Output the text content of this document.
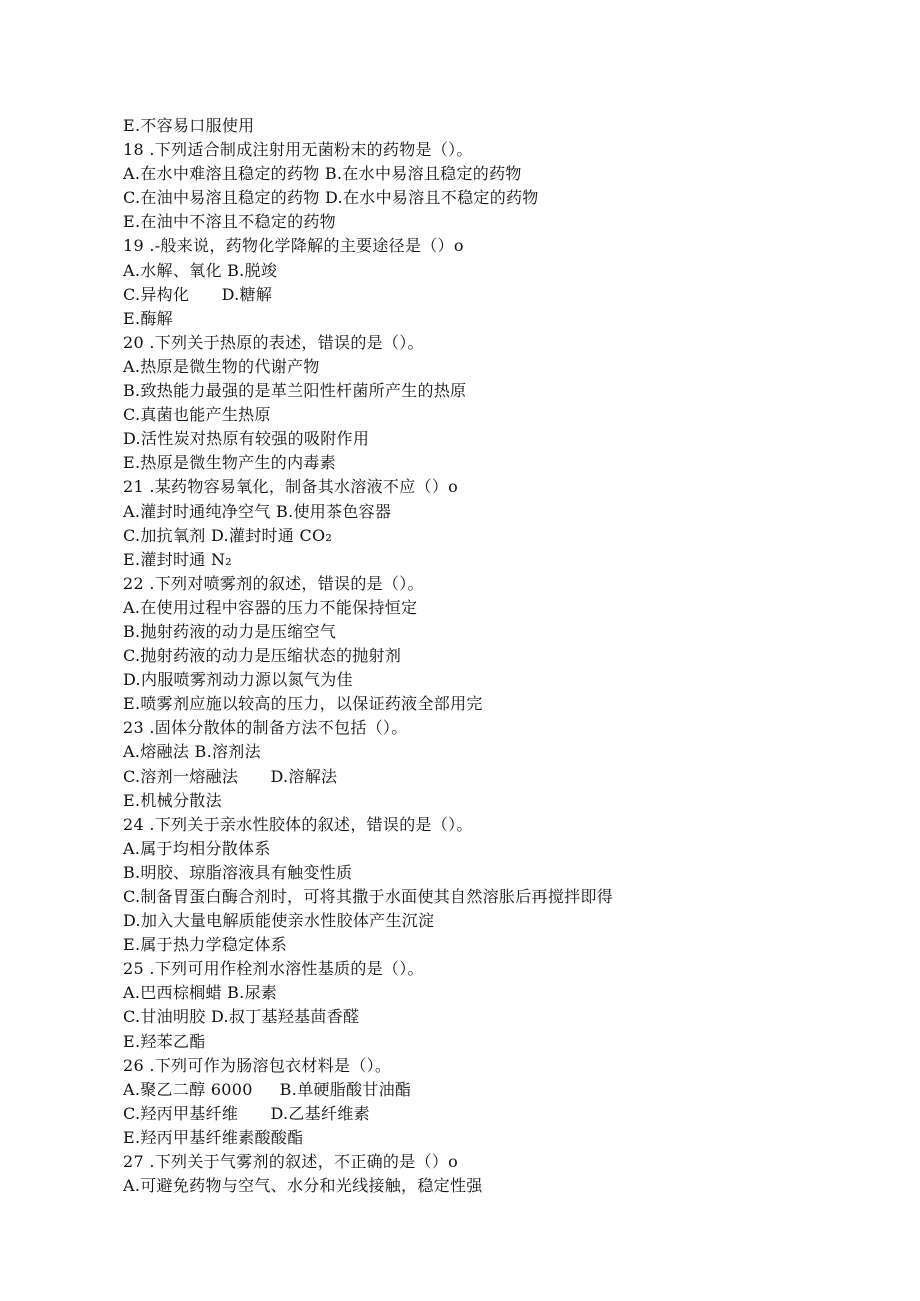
E.不容易口服使用
18 .下列适合制成注射用无菌粉末的药物是（）。
A.在水中难溶且稳定的药物 B.在水中易溶且稳定的药物
C.在油中易溶且稳定的药物 D.在水中易溶且不稳定的药物
E.在油中不溶且不稳定的药物
19 .-般来说，药物化学降解的主要途径是（）o
A.水解、氧化 B.脱竣
C.异构化      D.糖解
E.酶解
20 .下列关于热原的表述，错误的是（）。
A.热原是微生物的代谢产物
B.致热能力最强的是革兰阳性杆菌所产生的热原
C.真菌也能产生热原
D.活性炭对热原有较强的吸附作用
E.热原是微生物产生的内毒素
21 .某药物容易氧化，制备其水溶液不应（）o
A.灌封时通纯净空气 B.使用茶色容器
C.加抗氧剂 D.灌封时通 CO₂
E.灌封时通 N₂
22 .下列对喷雾剂的叙述，错误的是（）。
A.在使用过程中容器的压力不能保持恒定
B.抛射药液的动力是压缩空气
C.抛射药液的动力是压缩状态的抛射剂
D.内服喷雾剂动力源以氮气为佳
E.喷雾剂应施以较高的压力，以保证药液全部用完
23 .固体分散体的制备方法不包括（）。
A.熔融法 B.溶剂法
C.溶剂一熔融法      D.溶解法
E.机械分散法
24 .下列关于亲水性胶体的叙述，错误的是（）。
A.属于均相分散体系
B.明胶、琼脂溶液具有触变性质
C.制备胃蛋白酶合剂时，可将其撒于水面使其自然溶胀后再搅拌即得
D.加入大量电解质能使亲水性胶体产生沉淀
E.属于热力学稳定体系
25 .下列可用作栓剂水溶性基质的是（）。
A.巴西棕榈蜡 B.尿素
C.甘油明胶 D.叔丁基羟基茴香醛
E.羟苯乙酯
26 .下列可作为肠溶包衣材料是（）。
A.聚乙二醇 6000     B.单硬脂酸甘油酯
C.羟丙甲基纤维      D.乙基纤维素
E.羟丙甲基纤维素酸酸酯
27 .下列关于气雾剂的叙述，不正确的是（）o
A.可避免药物与空气、水分和光线接触，稳定性强
